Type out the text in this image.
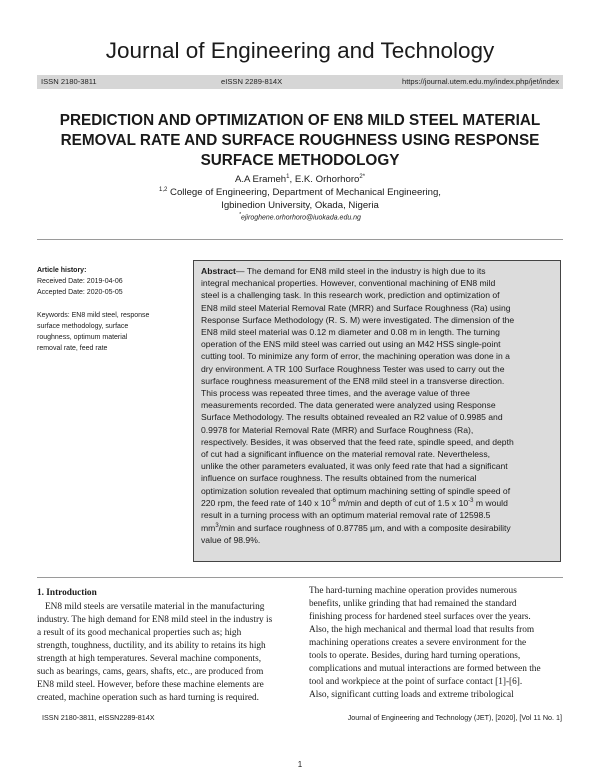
Journal of Engineering and Technology
ISSN 2180-3811	eISSN 2289-814X	https://journal.utem.edu.my/index.php/jet/index
PREDICTION AND OPTIMIZATION OF EN8 MILD STEEL MATERIAL
REMOVAL RATE AND SURFACE ROUGHNESS USING RESPONSE
SURFACE METHODOLOGY
A.A Erameh$^1$, E.K. Orhorhoro$^{2*}$
$^{1,2}$ College of Engineering, Department of Mechanical Engineering,
Igbinedion University, Okada, Nigeria
*ejiroghene.orhorhoro@iuokada.edu.ng
Article history:
Received Date: 2019-04-06
Accepted Date: 2020-05-05
Keywords: EN8 mild steel, response
surface methodology, surface
roughness, optimum material
removal rate, feed rate
Abstract— The demand for EN8 mild steel in the industry is high due to its
integral mechanical properties. However, conventional machining of EN8 mild
steel is a challenging task. In this research work, prediction and optimization of
EN8 mild steel Material Removal Rate (MRR) and Surface Roughness (Ra) using
Response Surface Methodology (R. S. M) were investigated. The dimension of the
EN8 mild steel material was 0.12 m diameter and 0.08 m in length. The turning
operation of the ENS mild steel was carried out using an M42 HSS single-point
cutting tool. To minimize any form of error, the machining operation was done in a
dry environment. A TR 100 Surface Roughness Tester was used to carry out the
surface roughness measurement of the EN8 mild steel in a transverse direction.
This process was repeated three times, and the average value of three
measurements recorded. The data generated were analyzed using Response
Surface Methodology. The results obtained revealed an R2 value of 0.9985 and
0.9978 for Material Removal Rate (MRR) and Surface Roughness (Ra),
respectively. Besides, it was observed that the feed rate, spindle speed, and depth
of cut had a significant influence on the material removal rate. Nevertheless,
unlike the other parameters evaluated, it was only feed rate that had a significant
influence on surface roughness. The results obtained from the numerical
optimization solution revealed that optimum machining setting of spindle speed of
220 rpm, the feed rate of 140 x $10^{-6}$ m/min and depth of cut of 1.5 x $10^{-3}$ m would
result in a turning process with an optimum material removal rate of 12598.5
$mm^3/\min$ and surface roughness of 0.87785 µm, and with a composite desirability
value of 98.9%.
1. Introduction
EN8 mild steels are versatile material in the manufacturing
industry. The high demand for EN8 mild steel in the industry is
a result of its good mechanical properties such as; high
strength, toughness, ductility, and its ability to retains its high
strength at high temperatures. Several machine components,
such as bearings, cams, gears, shafts, etc., are produced from
EN8 mild steel. However, before these machine elements are
created, machine operation such as hard turning is required.
The hard-turning machine operation provides numerous
benefits, unlike grinding that had remained the standard
finishing process for hardened steel surfaces over the years.
Also, the high mechanical and thermal load that results from
machining operations creates a severe environment for the
tools to operate. Besides, during hard turning operations,
complications and mutual interactions are formed between the
tool and workpiece at the point of surface contact [1]-[6].
Also, significant cutting loads and extreme tribological
ISSN 2180-3811, eISSN2289-814X	Journal of Engineering and Technology (JET), [2020], [Vol 11 No. 1]
1
